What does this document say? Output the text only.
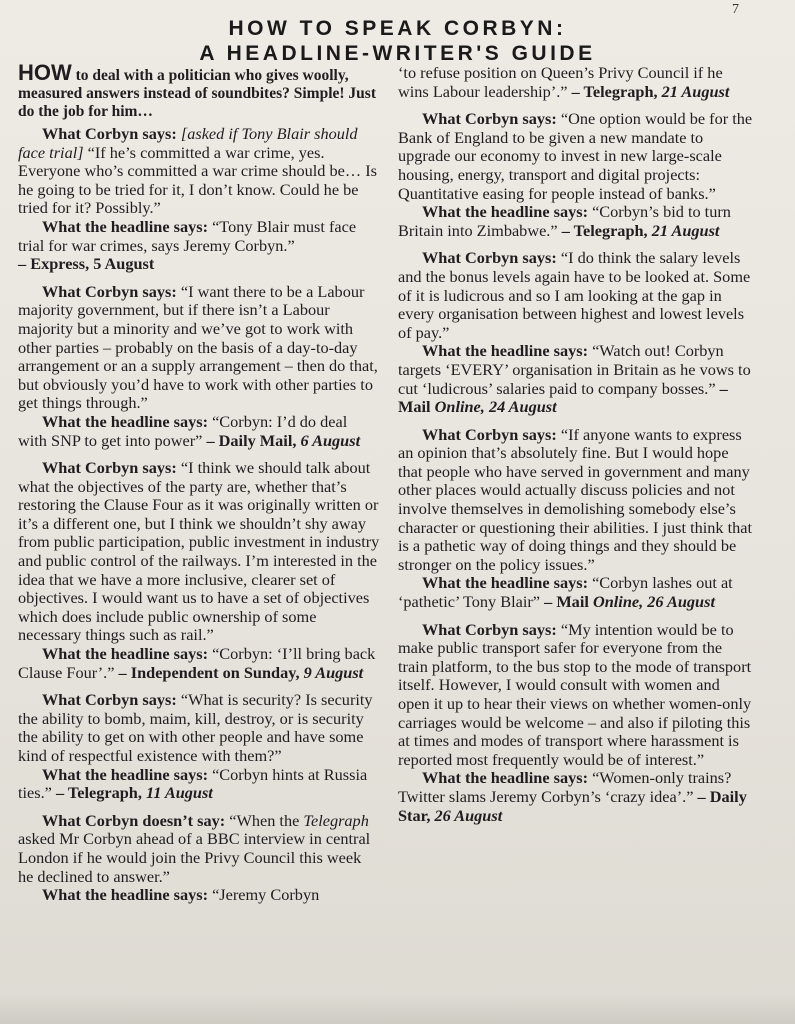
7
HOW TO SPEAK CORBYN:
A HEADLINE-WRITER'S GUIDE

HOW to deal with a politician who gives woolly, measured answers instead of soundbites? Simple! Just do the job for him…

What Corbyn says: [asked if Tony Blair should face trial] “If he’s committed a war crime, yes. Everyone who’s committed a war crime should be… Is he going to be tried for it, I don’t know. Could he be tried for it? Possibly.”

What the headline says: “Tony Blair must face trial for war crimes, says Jeremy Corbyn.”

– Express, 5 August

What Corbyn says: “I want there to be a Labour majority government, but if there isn’t a Labour majority but a minority and we’ve got to work with other parties – probably on the basis of a day-to-day arrangement or an a supply arrangement – then do that, but obviously you’d have to work with other parties to get things through.”

What the headline says: “Corbyn: I’d do deal with SNP to get into power” – Daily Mail, 6 August

What Corbyn says: “I think we should talk about what the objectives of the party are, whether that’s restoring the Clause Four as it was originally written or it’s a different one, but I think we shouldn’t shy away from public participation, public investment in industry and public control of the railways. I’m interested in the idea that we have a more inclusive, clearer set of objectives. I would want us to have a set of objectives which does include public ownership of some necessary things such as rail.”

What the headline says: “Corbyn: ‘I’ll bring back Clause Four’.” – Independent on Sunday, 9 August

What Corbyn says: “What is security? Is security the ability to bomb, maim, kill, destroy, or is security the ability to get on with other people and have some kind of respectful existence with them?”

What the headline says: “Corbyn hints at Russia ties.” – Telegraph, 11 August

What Corbyn doesn’t say: “When the Telegraph asked Mr Corbyn ahead of a BBC interview in central London if he would join the Privy Council this week he declined to answer.”

What the headline says: “Jeremy Corbyn

‘to refuse position on Queen’s Privy Council if he wins Labour leadership’.” – Telegraph, 21 August

What Corbyn says: “One option would be for the Bank of England to be given a new mandate to upgrade our economy to invest in new large-scale housing, energy, transport and digital projects: Quantitative easing for people instead of banks.”

What the headline says: “Corbyn’s bid to turn Britain into Zimbabwe.” – Telegraph, 21 August

What Corbyn says: “I do think the salary levels and the bonus levels again have to be looked at. Some of it is ludicrous and so I am looking at the gap in every organisation between highest and lowest levels of pay.”

What the headline says: “Watch out! Corbyn targets ‘EVERY’ organisation in Britain as he vows to cut ‘ludicrous’ salaries paid to company bosses.” – Mail Online, 24 August

What Corbyn says: “If anyone wants to express an opinion that’s absolutely fine. But I would hope that people who have served in government and many other places would actually discuss policies and not involve themselves in demolishing somebody else’s character or questioning their abilities. I just think that is a pathetic way of doing things and they should be stronger on the policy issues.”

What the headline says: “Corbyn lashes out at ‘pathetic’ Tony Blair” – Mail Online, 26 August

What Corbyn says: “My intention would be to make public transport safer for everyone from the train platform, to the bus stop to the mode of transport itself. However, I would consult with women and open it up to hear their views on whether women-only carriages would be welcome – and also if piloting this at times and modes of transport where harassment is reported most frequently would be of interest.”

What the headline says: “Women-only trains? Twitter slams Jeremy Corbyn’s ‘crazy idea’.” – Daily Star, 26 August
